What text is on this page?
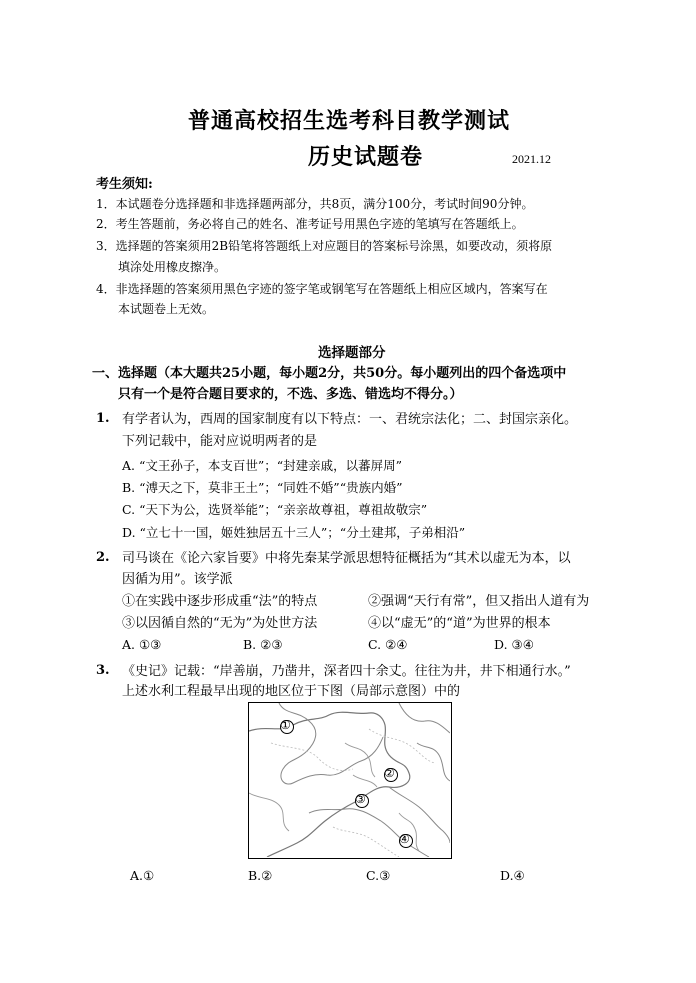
普通高校招生选考科目教学测试
历史试题卷	2021.12
考生须知:
1．本试题卷分选择题和非选择题两部分，共8页，满分100分，考试时间90分钟。
2．考生答题前，务必将自己的姓名、准考证号用黑色字迹的笔填写在答题纸上。
3．选择题的答案须用2B铅笔将答题纸上对应题目的答案标号涂黑，如要改动，须将原
填涂处用橡皮擦净。
4．非选择题的答案须用黑色字迹的签字笔或钢笔写在答题纸上相应区域内，答案写在
本试题卷上无效。
选择题部分
一、选择题（本大题共25小题，每小题2分，共50分。每小题列出的四个备选项中
只有一个是符合题目要求的，不选、多选、错选均不得分。）
1. 有学者认为，西周的国家制度有以下特点：一、君统宗法化；二、封国宗亲化。
下列记载中，能对应说明两者的是
A. “文王孙子，本支百世”；“封建亲戚，以蕃屏周”
B. “溥天之下，莫非王土”；“同姓不婚”“贵族内婚”
C. “天下为公，选贤举能”；“亲亲故尊祖，尊祖故敬宗”
D. “立七十一国，姬姓独居五十三人”；“分土建邦，子弟相沿”
2. 司马谈在《论六家旨要》中将先秦某学派思想特征概括为“其术以虚无为本，以
因循为用”。该学派
①在实践中逐步形成重“法”的特点	②强调“天行有常”，但又指出人道有为
③以因循自然的“无为”为处世方法	④以“虚无”的“道”为世界的根本
A. ①③	B. ②③	C. ②④	D. ③④
3. 《史记》记载：“岸善崩，乃凿井，深者四十余丈。往往为井，井下相通行水。”
上述水利工程最早出现的地区位于下图（局部示意图）中的
①
②
③
④
A.①	B.②	C.③	D.④
